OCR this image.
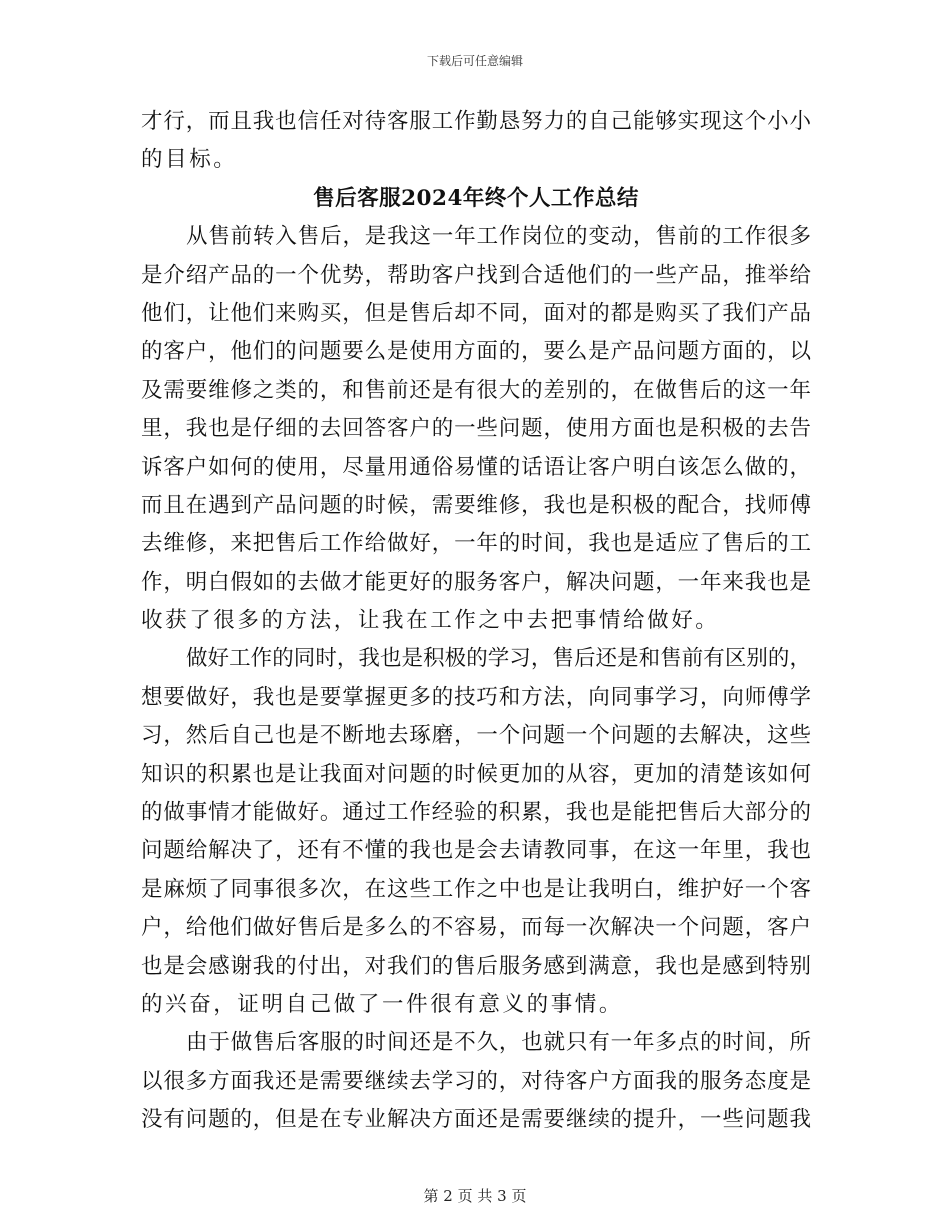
下载后可任意编辑
才行，而且我也信任对待客服工作勤恳努力的自己能够实现这个小小
的目标。
售后客服2024年终个人工作总结
从售前转入售后，是我这一年工作岗位的变动，售前的工作很多
是介绍产品的一个优势，帮助客户找到合适他们的一些产品，推举给
他们，让他们来购买，但是售后却不同，面对的都是购买了我们产品
的客户，他们的问题要么是使用方面的，要么是产品问题方面的，以
及需要维修之类的，和售前还是有很大的差别的，在做售后的这一年
里，我也是仔细的去回答客户的一些问题，使用方面也是积极的去告
诉客户如何的使用，尽量用通俗易懂的话语让客户明白该怎么做的，
而且在遇到产品问题的时候，需要维修，我也是积极的配合，找师傅
去维修，来把售后工作给做好，一年的时间，我也是适应了售后的工
作，明白假如的去做才能更好的服务客户，解决问题，一年来我也是
收获了很多的方法，让我在工作之中去把事情给做好。
做好工作的同时，我也是积极的学习，售后还是和售前有区别的，
想要做好，我也是要掌握更多的技巧和方法，向同事学习，向师傅学
习，然后自己也是不断地去琢磨，一个问题一个问题的去解决，这些
知识的积累也是让我面对问题的时候更加的从容，更加的清楚该如何
的做事情才能做好。通过工作经验的积累，我也是能把售后大部分的
问题给解决了，还有不懂的我也是会去请教同事，在这一年里，我也
是麻烦了同事很多次，在这些工作之中也是让我明白，维护好一个客
户，给他们做好售后是多么的不容易，而每一次解决一个问题，客户
也是会感谢我的付出，对我们的售后服务感到满意，我也是感到特别
的兴奋，证明自己做了一件很有意义的事情。
由于做售后客服的时间还是不久，也就只有一年多点的时间，所
以很多方面我还是需要继续去学习的，对待客户方面我的服务态度是
没有问题的，但是在专业解决方面还是需要继续的提升，一些问题我
第 2 页 共 3 页
